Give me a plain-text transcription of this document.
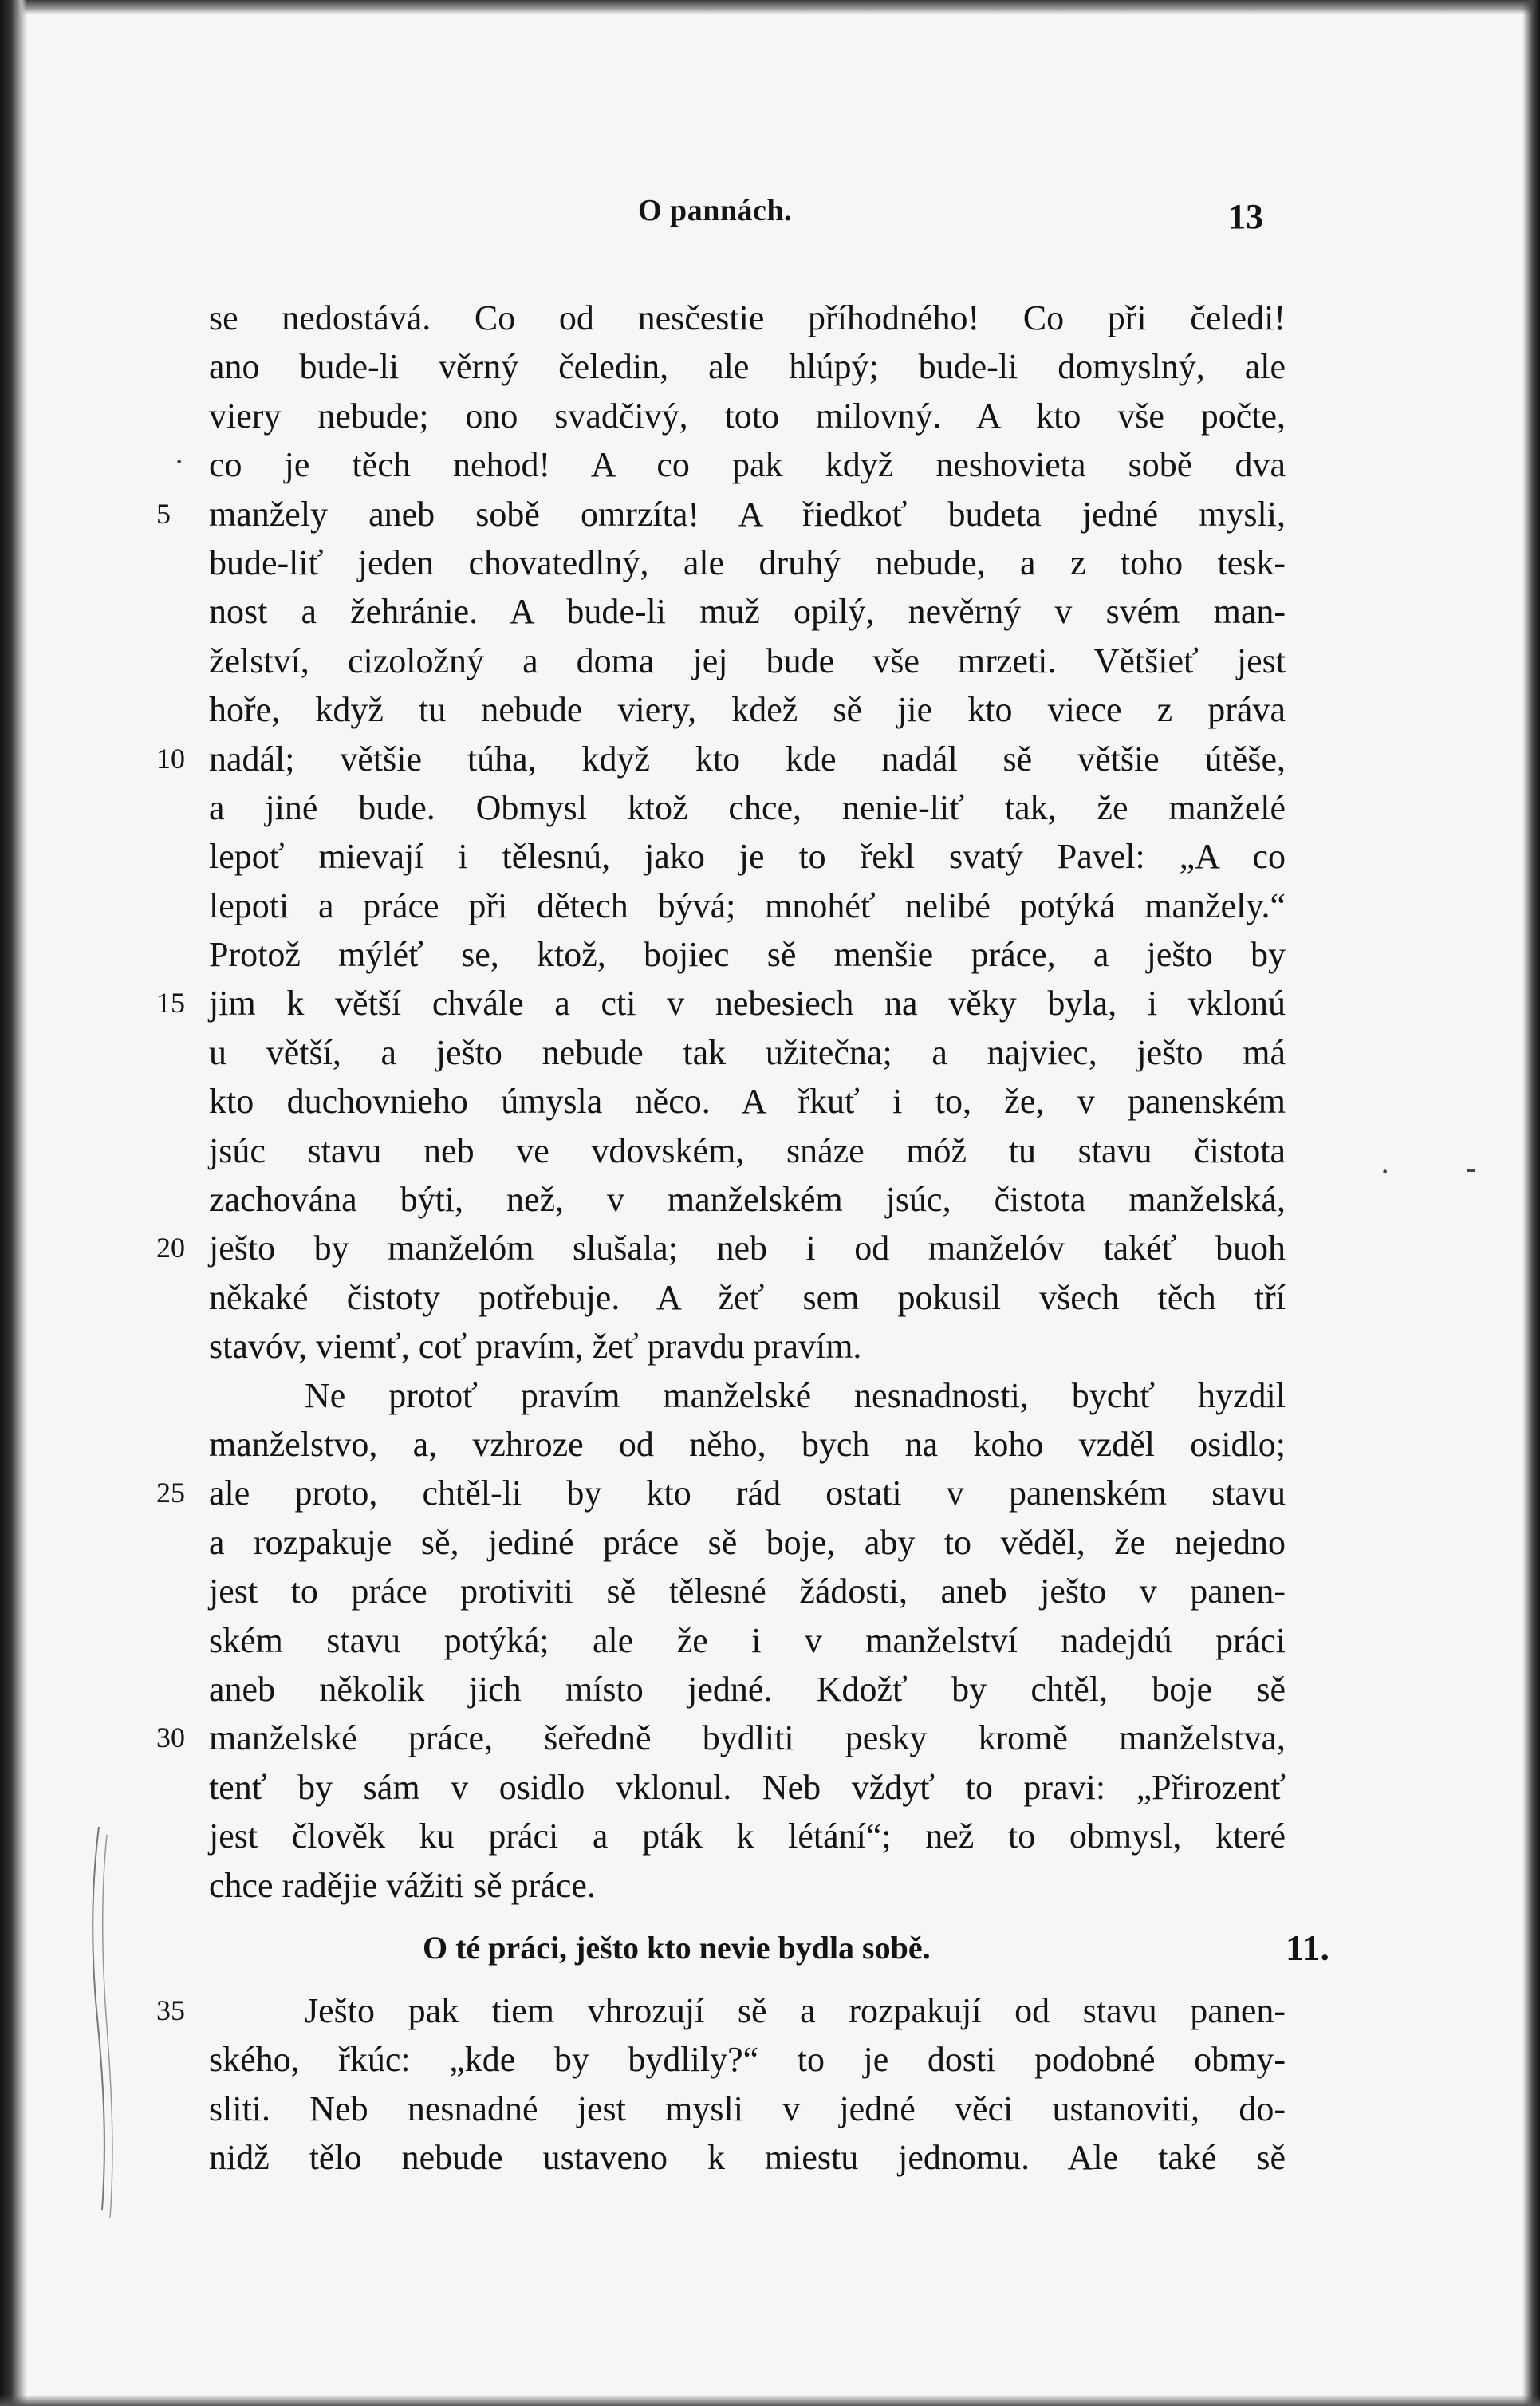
O pannách.	13
se nedostává. Co od nesčestie příhodného! Co při čeledi!
ano bude-li věrný čeledin, ale hlúpý; bude-li domyslný, ale
viery nebude; ono svadčivý, toto milovný. A kto vše počte,
co je těch nehod! A co pak když neshovieta sobě dva
5	manžely aneb sobě omrzíta! A řiedkoť budeta jedné mysli,
bude-liť jeden chovatedlný, ale druhý nebude, a z toho tesk-
nost a žehránie. A bude-li muž opilý, nevěrný v svém man-
želství, cizoložný a doma jej bude vše mrzeti. Většieť jest
hoře, když tu nebude viery, kdež sě jie kto viece z práva
10 nadál; většie túha, když kto kde nadál sě většie útěše,
a jiné bude. Obmysl ktož chce, nenie-liť tak, že manželé
lepoť mievají i tělesnú, jako je to řekl svatý Pavel: „A co
lepoti a práce při dětech bývá; mnohéť nelibé potýká manžely.“
Protož mýléť se, ktož, bojiec sě menšie práce, a ješto by
15 jim k větší chvále a cti v nebesiech na věky byla, i vklonú
u větší, a ješto nebude tak užitečna; a najviec, ješto má
kto duchovnieho úmysla něco. A řkuť i to, že, v panenském
jsúc stavu neb ve vdovském, snáze móž tu stavu čistota
zachována býti, než, v manželském jsúc, čistota manželská,
20 ješto by manželóm slušala; neb i od manželóv takéť buoh
někaké čistoty potřebuje. A žeť sem pokusil všech těch tří
stavóv, viemť, coť pravím, žeť pravdu pravím.
Ne protoť pravím manželské nesnadnosti, bychť hyzdil
manželstvo, a, vzhroze od něho, bych na koho vzděl osidlo;
25 ale proto, chtěl-li by kto rád ostati v panenském stavu
a rozpakuje sě, jediné práce sě boje, aby to věděl, že nejedno
jest to práce protiviti sě tělesné žádosti, aneb ješto v panen-
ském stavu potýká; ale že i v manželství nadejdú práci
aneb několik jich místo jedné. Kdožť by chtěl, boje sě
30 manželské práce, šeředně bydliti pesky kromě manželstva,
tenť by sám v osidlo vklonul. Neb vždyť to pravi: „Přirozenť
jest člověk ku práci a pták k létání“; než to obmysl, které
chce radějie vážiti sě práce.
O té práci, ješto kto nevie bydla sobě.	11.
35	Ješto pak tiem vhrozují sě a rozpakují od stavu panen-
ského, řkúc: „kde by bydlily?“ to je dosti podobné obmy-
sliti. Neb nesnadné jest mysli v jedné věci ustanoviti, do-
nidž tělo nebude ustaveno k miestu jednomu. Ale také sě
·
· -
